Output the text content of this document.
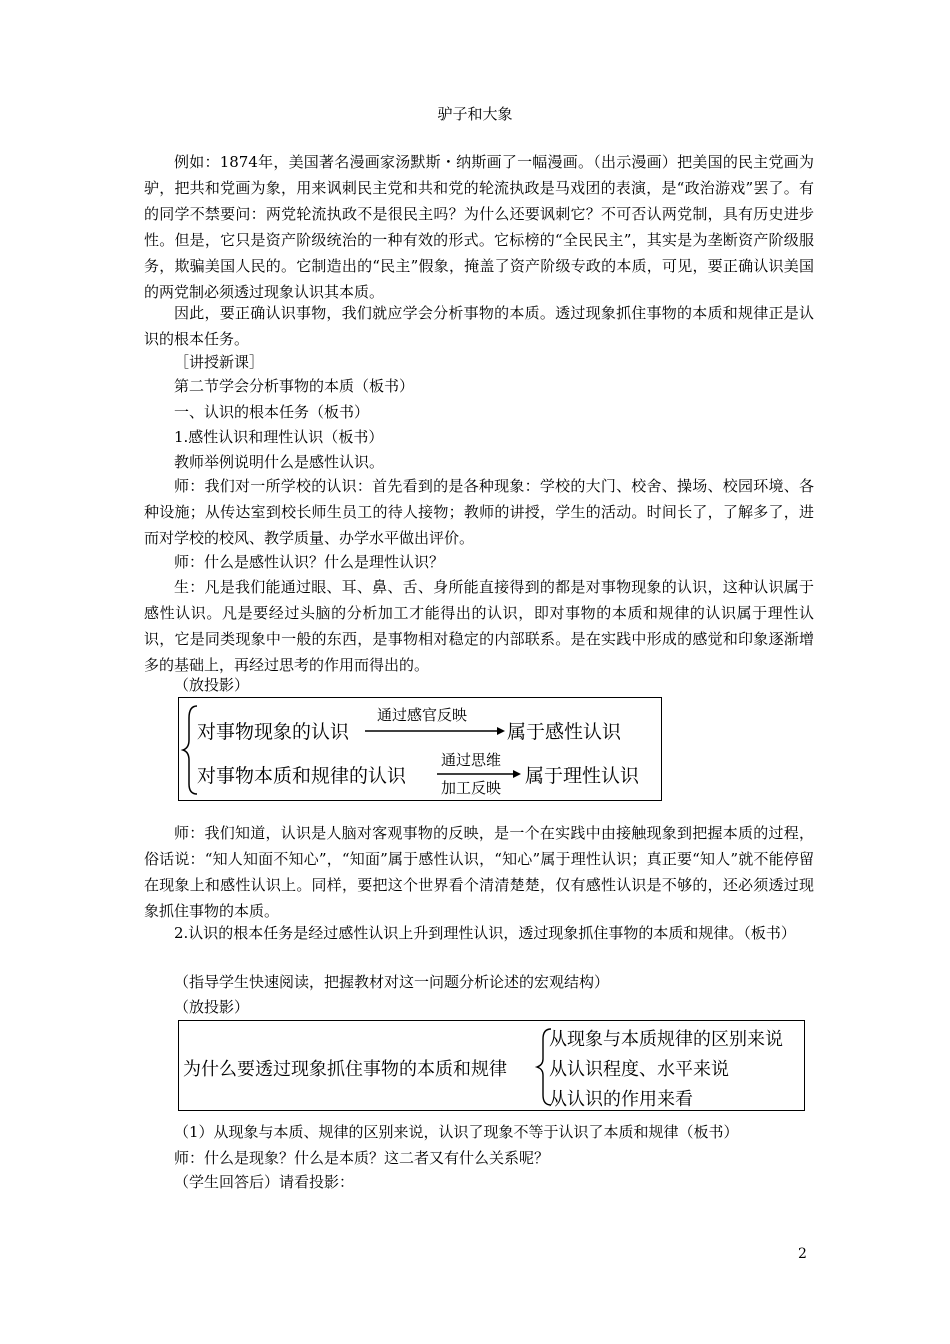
驴子和大象

例如：1874年，美国著名漫画家汤默斯・纳斯画了一幅漫画。（出示漫画）把美国的民主党画为驴，把共和党画为象，用来讽刺民主党和共和党的轮流执政是马戏团的表演，是“政治游戏”罢了。有的同学不禁要问：两党轮流执政不是很民主吗？为什么还要讽刺它？不可否认两党制，具有历史进步性。但是，它只是资产阶级统治的一种有效的形式。它标榜的“全民民主”，其实是为垄断资产阶级服务，欺骗美国人民的。它制造出的“民主”假象，掩盖了资产阶级专政的本质，可见，要正确认识美国的两党制必须透过现象认识其本质。

因此，要正确认识事物，我们就应学会分析事物的本质。透过现象抓住事物的本质和规律正是认识的根本任务。

［讲授新课］
第二节学会分析事物的本质（板书）
一、认识的根本任务（板书）
1.感性认识和理性认识（板书）
教师举例说明什么是感性认识。

师：我们对一所学校的认识：首先看到的是各种现象：学校的大门、校舍、操场、校园环境、各种设施；从传达室到校长师生员工的待人接物；教师的讲授，学生的活动。时间长了，了解多了，进而对学校的校风、教学质量、办学水平做出评价。

师：什么是感性认识？什么是理性认识？

生：凡是我们能通过眼、耳、鼻、舌、身所能直接得到的都是对事物现象的认识，这种认识属于感性认识。凡是要经过头脑的分析加工才能得出的认识，即对事物的本质和规律的认识属于理性认识，它是同类现象中一般的东西，是事物相对稳定的内部联系。是在实践中形成的感觉和印象逐渐增多的基础上，再经过思考的作用而得出的。

（放投影）
对事物现象的认识
通过感官反映
属于感性认识
对事物本质和规律的认识
通过思维
加工反映
属于理性认识

师：我们知道，认识是人脑对客观事物的反映，是一个在实践中由接触现象到把握本质的过程，俗话说：“知人知面不知心”，“知面”属于感性认识，“知心”属于理性认识；真正要“知人”就不能停留在现象上和感性认识上。同样，要把这个世界看个清清楚楚，仅有感性认识是不够的，还必须透过现象抓住事物的本质。

2.认识的根本任务是经过感性认识上升到理性认识，透过现象抓住事物的本质和规律。（板书）

（指导学生快速阅读，把握教材对这一问题分析论述的宏观结构）
（放投影）
为什么要透过现象抓住事物的本质和规律
从现象与本质规律的区别来说
从认识程度、水平来说
从认识的作用来看
（1）从现象与本质、规律的区别来说，认识了现象不等于认识了本质和规律（板书）
师：什么是现象？什么是本质？这二者又有什么关系呢？
（学生回答后）请看投影：
2
